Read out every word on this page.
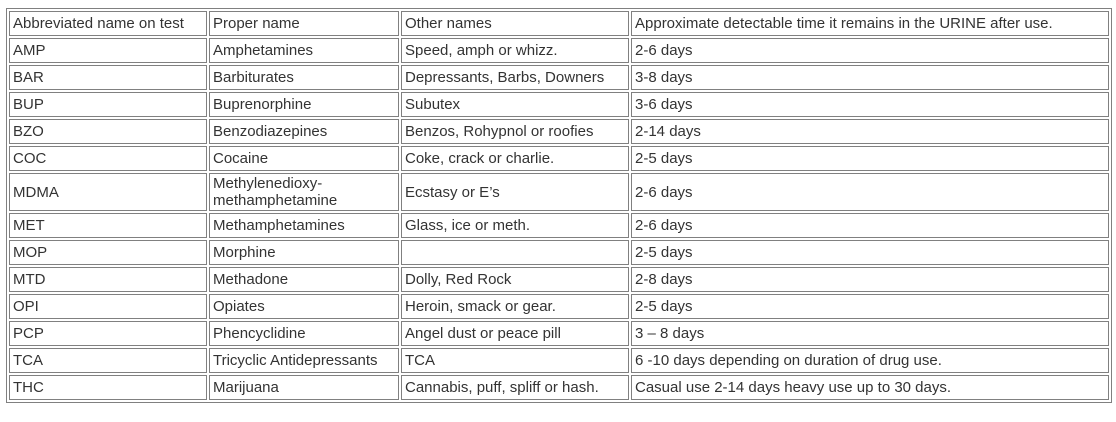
Abbreviated name on test	Proper name	Other names	Approximate detectable time it remains in the URINE after use.
AMP	Amphetamines	Speed, amph or whizz.	2-6 days
BAR	Barbiturates	Depressants, Barbs, Downers	3-8 days
BUP	Buprenorphine	Subutex	3-6 days
BZO	Benzodiazepines	Benzos, Rohypnol or roofies	2-14 days
COC	Cocaine	Coke, crack or charlie.	2-5 days
MDMA	Methylenedioxy-methamphetamine	Ecstasy or E’s	2-6 days
MET	Methamphetamines	Glass, ice or meth.	2-6 days
MOP	Morphine		2-5 days
MTD	Methadone	Dolly, Red Rock	2-8 days
OPI	Opiates	Heroin, smack or gear.	2-5 days
PCP	Phencyclidine	Angel dust or peace pill	3 – 8 days
TCA	Tricyclic Antidepressants	TCA	6 -10 days depending on duration of drug use.
THC	Marijuana	Cannabis, puff, spliff or hash.	Casual use 2-14 days heavy use up to 30 days.
